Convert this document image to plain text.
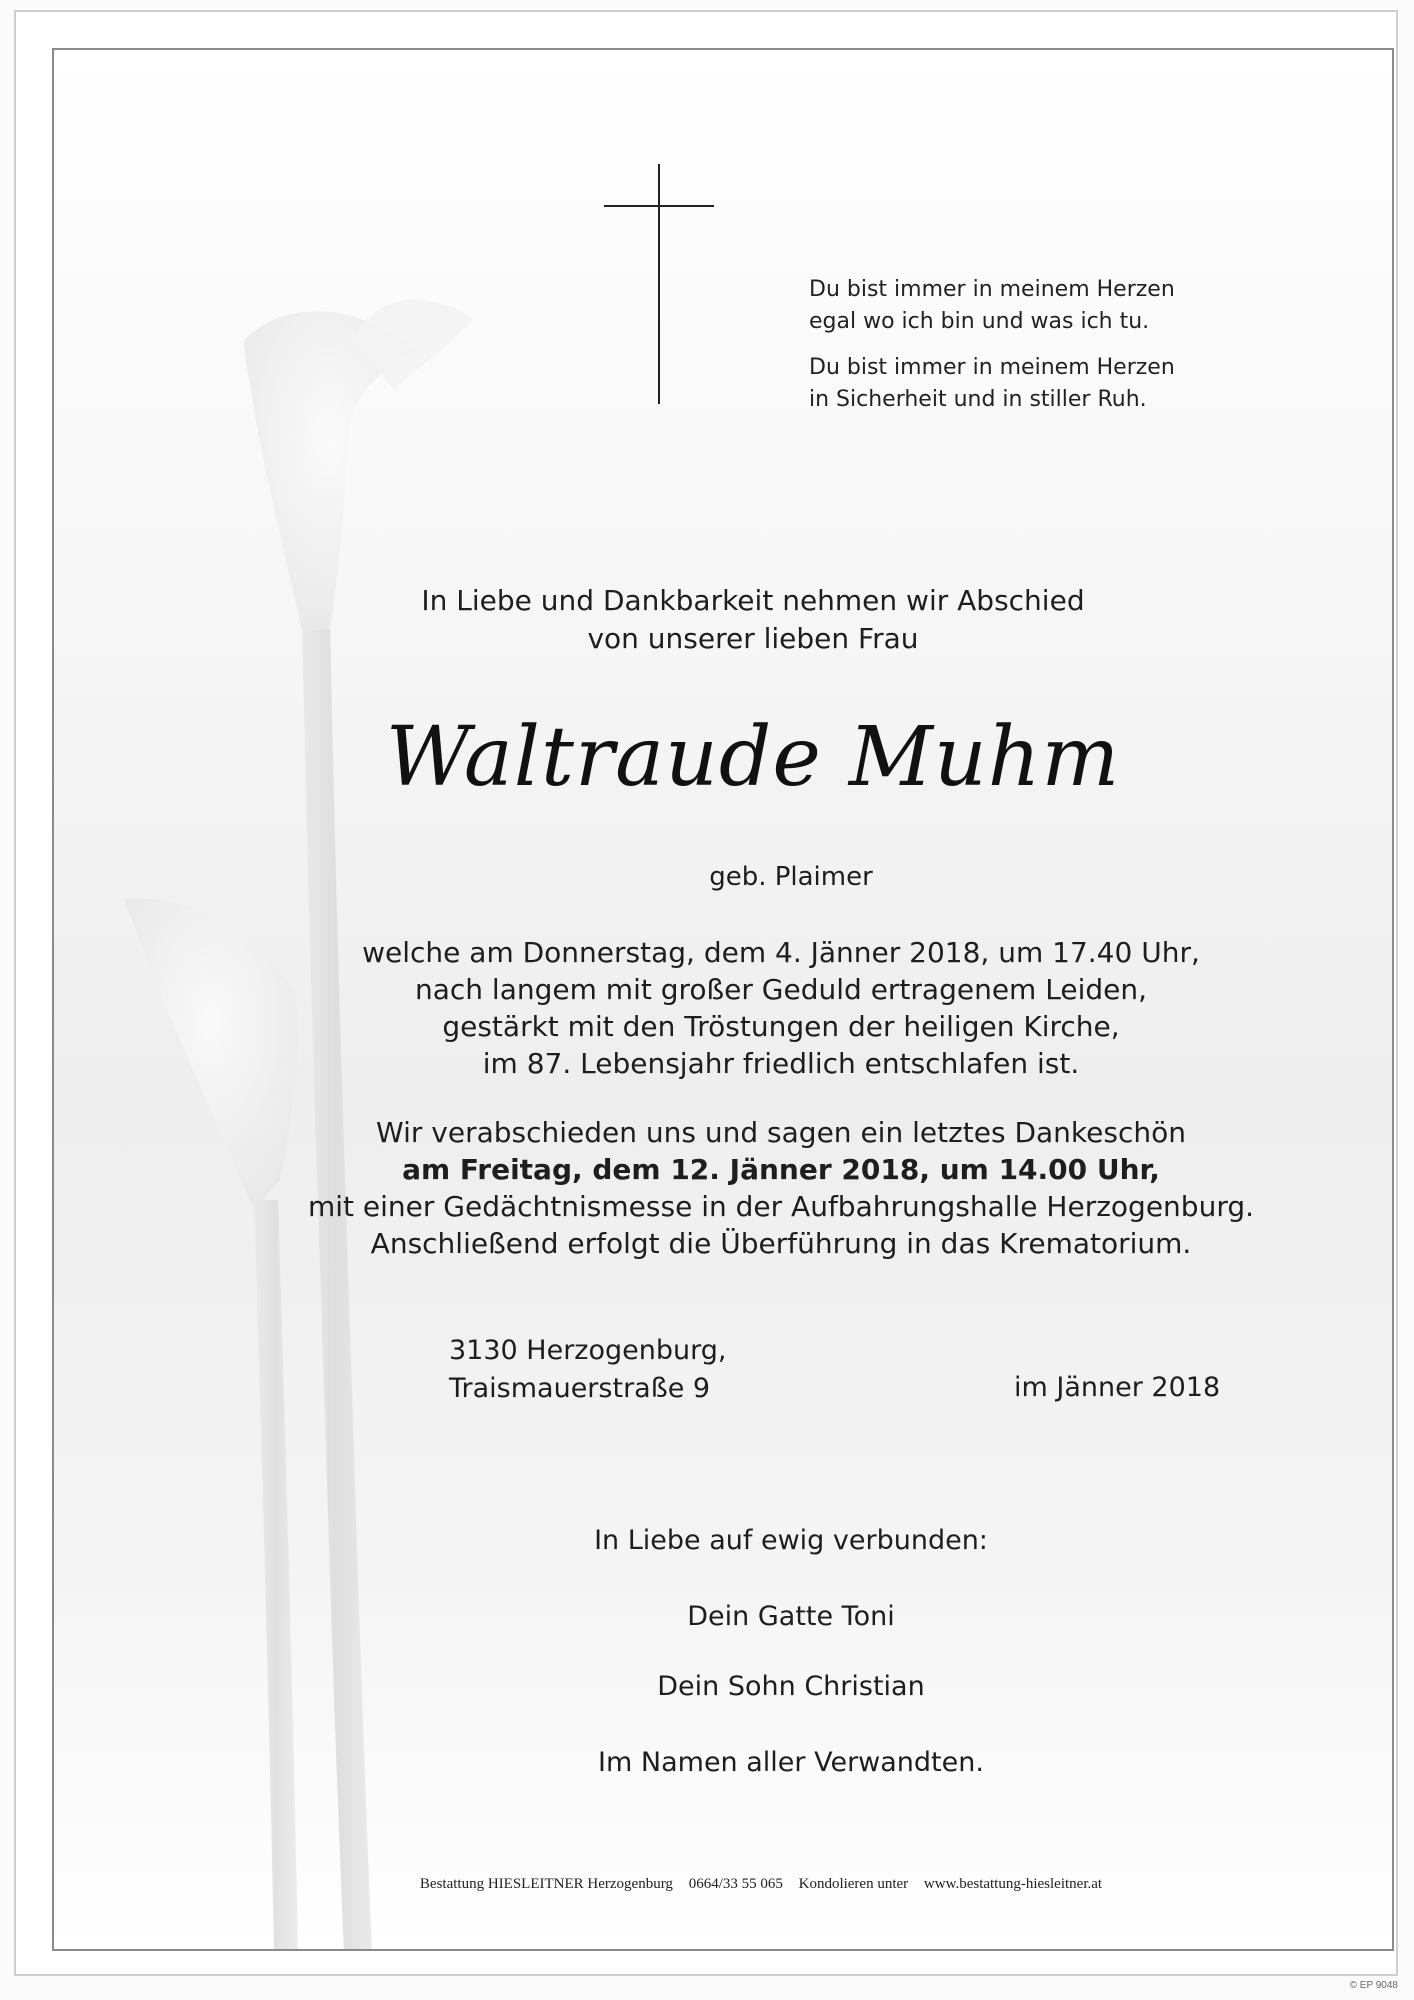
Du bist immer in meinem Herzen
egal wo ich bin und was ich tu.
Du bist immer in meinem Herzen
in Sicherheit und in stiller Ruh.
In Liebe und Dankbarkeit nehmen wir Abschied
von unserer lieben Frau
Waltraude Muhm
geb. Plaimer
welche am Donnerstag, dem 4. Jänner 2018, um 17.40 Uhr,
nach langem mit großer Geduld ertragenem Leiden,
gestärkt mit den Tröstungen der heiligen Kirche,
im 87. Lebensjahr friedlich entschlafen ist.
Wir verabschieden uns und sagen ein letztes Dankeschön
am Freitag, dem 12. Jänner 2018, um 14.00 Uhr,
mit einer Gedächtnismesse in der Aufbahrungshalle Herzogenburg.
Anschließend erfolgt die Überführung in das Krematorium.
3130 Herzogenburg,
Traismauerstraße 9	im Jänner 2018
In Liebe auf ewig verbunden:
Dein Gatte Toni
Dein Sohn Christian
Im Namen aller Verwandten.
Bestattung HIESLEITNER Herzogenburg 0664/33 55 065 Kondolieren unter www.bestattung-hiesleitner.at
© EP 9048
